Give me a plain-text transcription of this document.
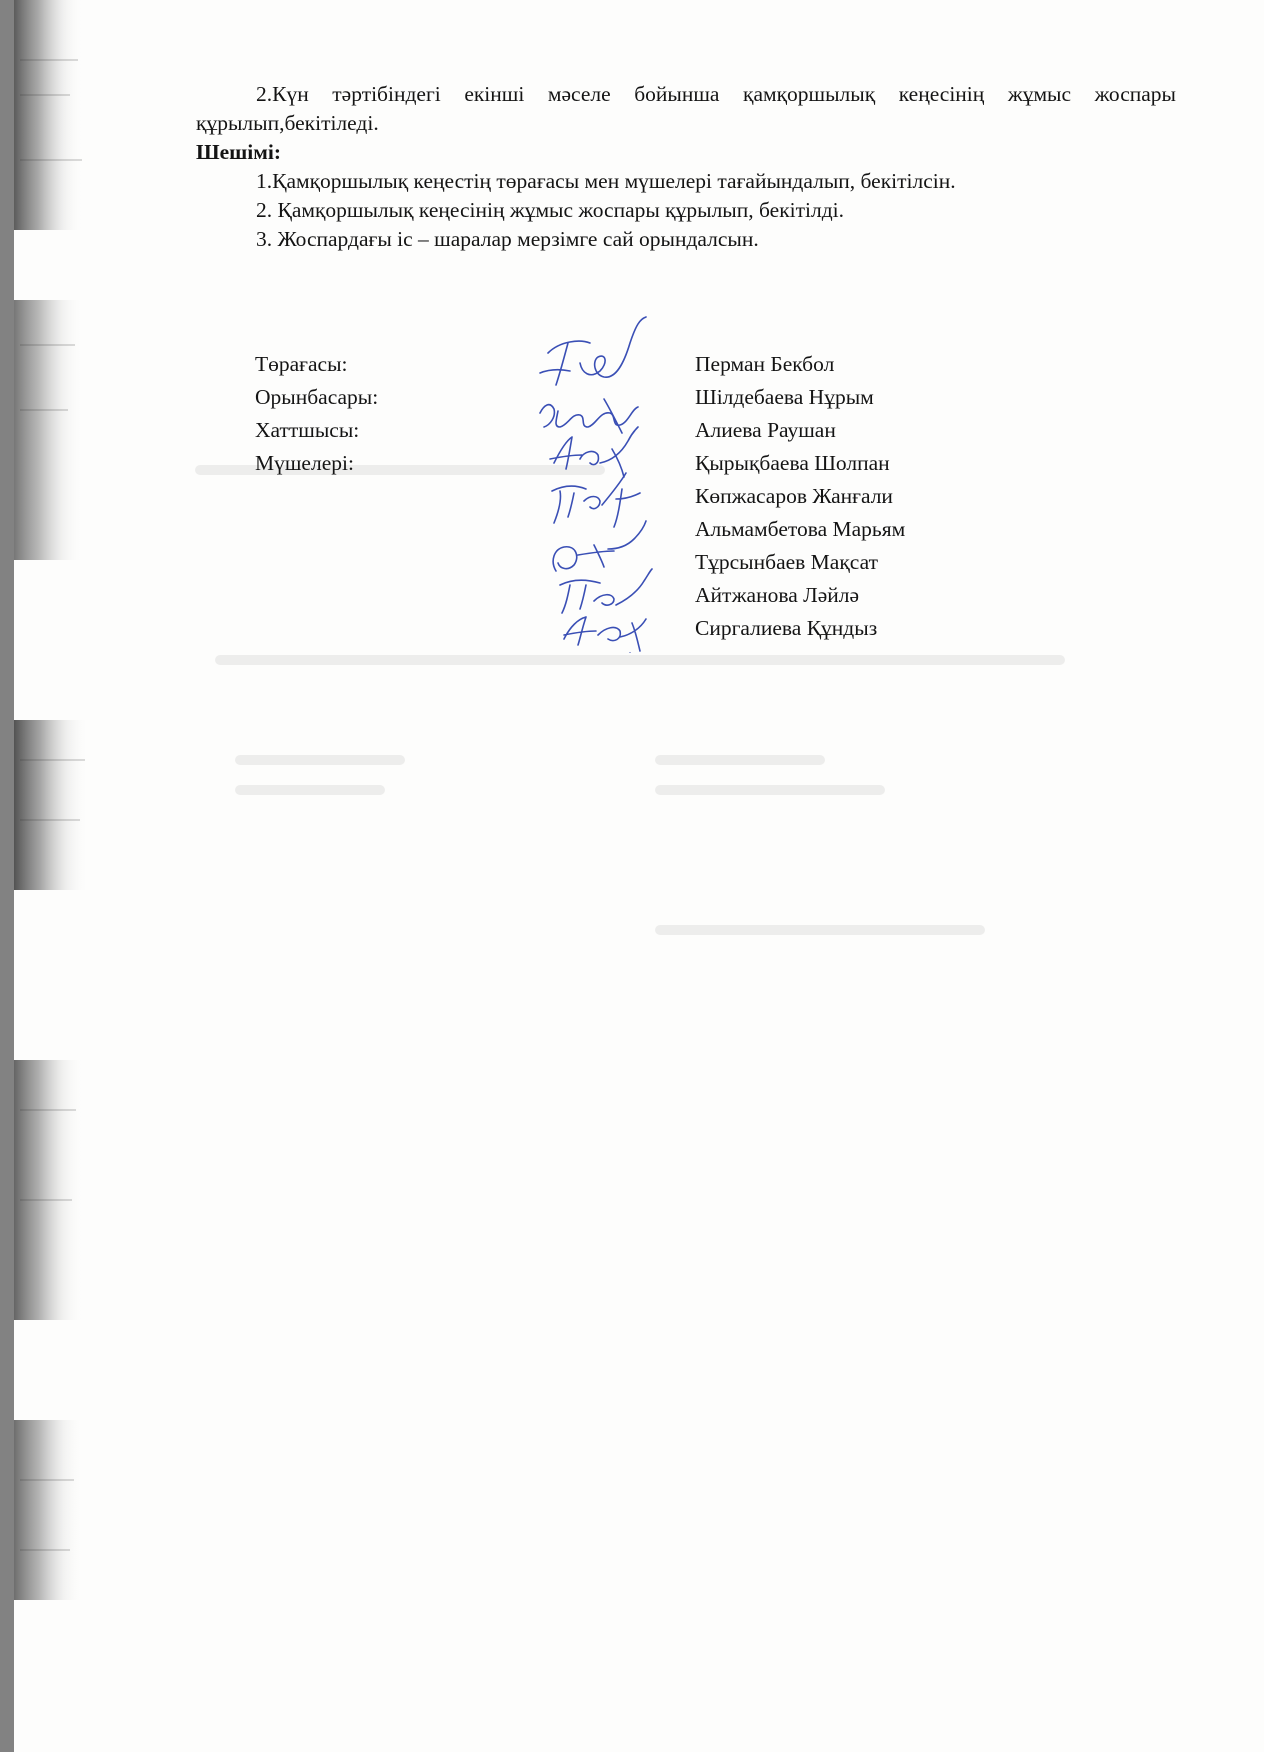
2.Күн тәртібіндегі екінші мәселе бойынша қамқоршылық кеңесінің жұмыс жоспары құрылып,бекітіледі.

Шешімі:

1.Қамқоршылық кеңестің төрағасы мен мүшелері тағайындалып, бекітілсін.

2. Қамқоршылық кеңесінің жұмыс жоспары құрылып, бекітілді.

3. Жоспардағы іс – шаралар мерзімге сай орындалсын.

Төрағасы:
Орынбасары:
Хаттшысы:
Мүшелері:
Перман Бекбол
Шілдебаева Нұрым
Алиева Раушан
Қырықбаева Шолпан
Көпжасаров Жанғали
Альмамбетова Марьям
Тұрсынбаев Мақсат
Айтжанова Ләйлә
Сиргалиева Құндыз
